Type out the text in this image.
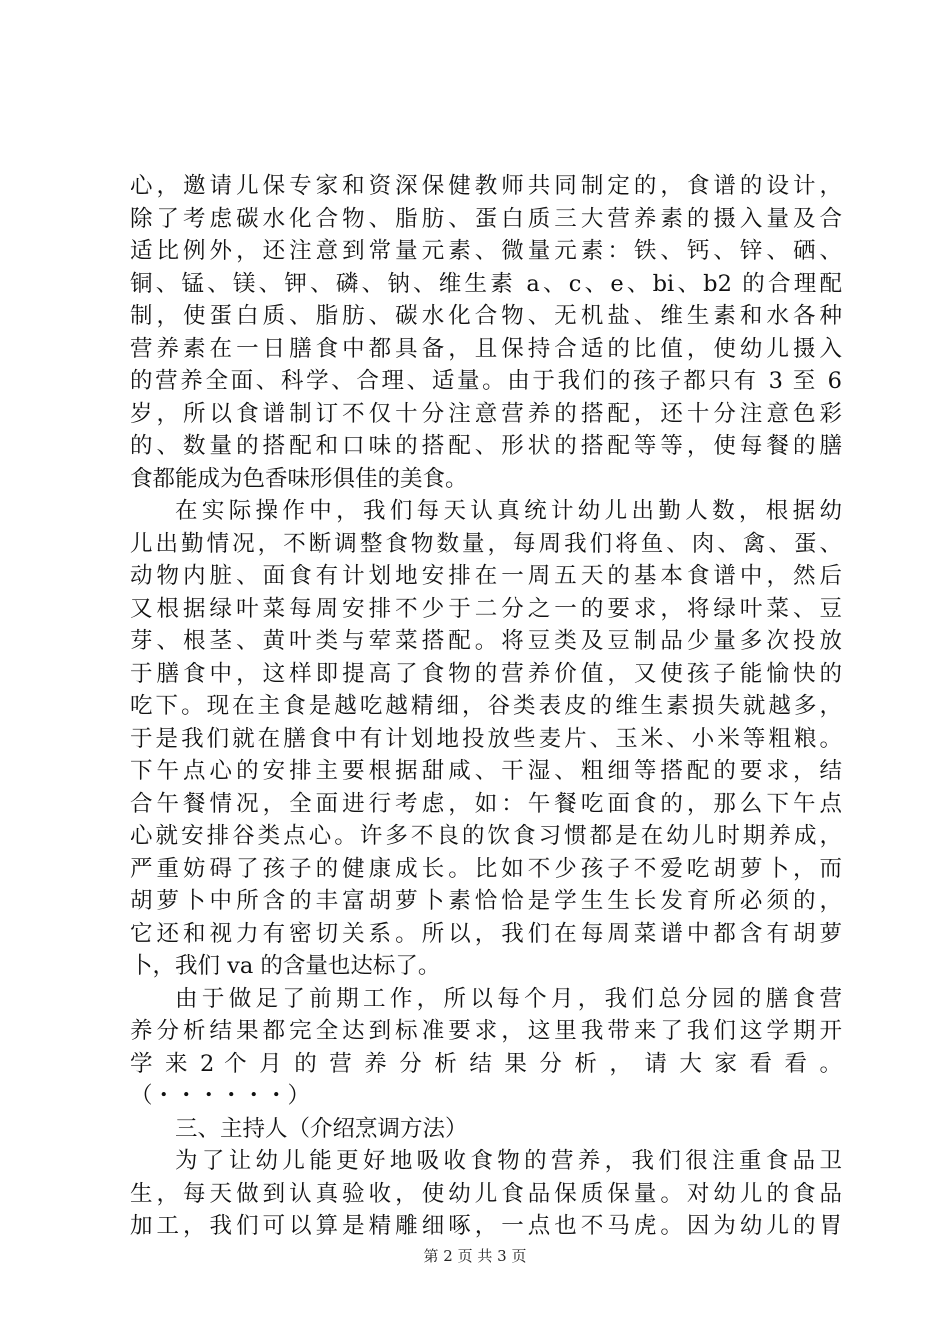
心，邀请儿保专家和资深保健教师共同制定的，食谱的设计，
除了考虑碳水化合物、脂肪、蛋白质三大营养素的摄入量及合
适比例外，还注意到常量元素、微量元素：铁、钙、锌、硒、
铜、锰、镁、钾、磷、钠、维生素 a、c、e、bi、b2 的合理配
制，使蛋白质、脂肪、碳水化合物、无机盐、维生素和水各种
营养素在一日膳食中都具备，且保持合适的比值，使幼儿摄入
的营养全面、科学、合理、适量。由于我们的孩子都只有 3 至 6
岁，所以食谱制订不仅十分注意营养的搭配，还十分注意色彩
的、数量的搭配和口味的搭配、形状的搭配等等，使每餐的膳
食都能成为色香味形俱佳的美食。
在实际操作中，我们每天认真统计幼儿出勤人数，根据幼
儿出勤情况，不断调整食物数量，每周我们将鱼、肉、禽、蛋、
动物内脏、面食有计划地安排在一周五天的基本食谱中，然后
又根据绿叶菜每周安排不少于二分之一的要求，将绿叶菜、豆
芽、根茎、黄叶类与荤菜搭配。将豆类及豆制品少量多次投放
于膳食中，这样即提高了食物的营养价值，又使孩子能愉快的
吃下。现在主食是越吃越精细，谷类表皮的维生素损失就越多，
于是我们就在膳食中有计划地投放些麦片、玉米、小米等粗粮。
下午点心的安排主要根据甜咸、干湿、粗细等搭配的要求，结
合午餐情况，全面进行考虑，如：午餐吃面食的，那么下午点
心就安排谷类点心。许多不良的饮食习惯都是在幼儿时期养成，
严重妨碍了孩子的健康成长。比如不少孩子不爱吃胡萝卜，而
胡萝卜中所含的丰富胡萝卜素恰恰是学生生长发育所必须的，
它还和视力有密切关系。所以，我们在每周菜谱中都含有胡萝
卜，我们 va 的含量也达标了。
由于做足了前期工作，所以每个月，我们总分园的膳食营
养分析结果都完全达到标准要求，这里我带来了我们这学期开
学 来 2 个 月 的 营 养 分 析 结 果 分 析 ， 请 大 家 看 看 。
（・・・・・・）
三、主持人（介绍烹调方法）
为了让幼儿能更好地吸收食物的营养，我们很注重食品卫
生，每天做到认真验收，使幼儿食品保质保量。对幼儿的食品
加工，我们可以算是精雕细啄，一点也不马虎。因为幼儿的胃
第 2 页 共 3 页
